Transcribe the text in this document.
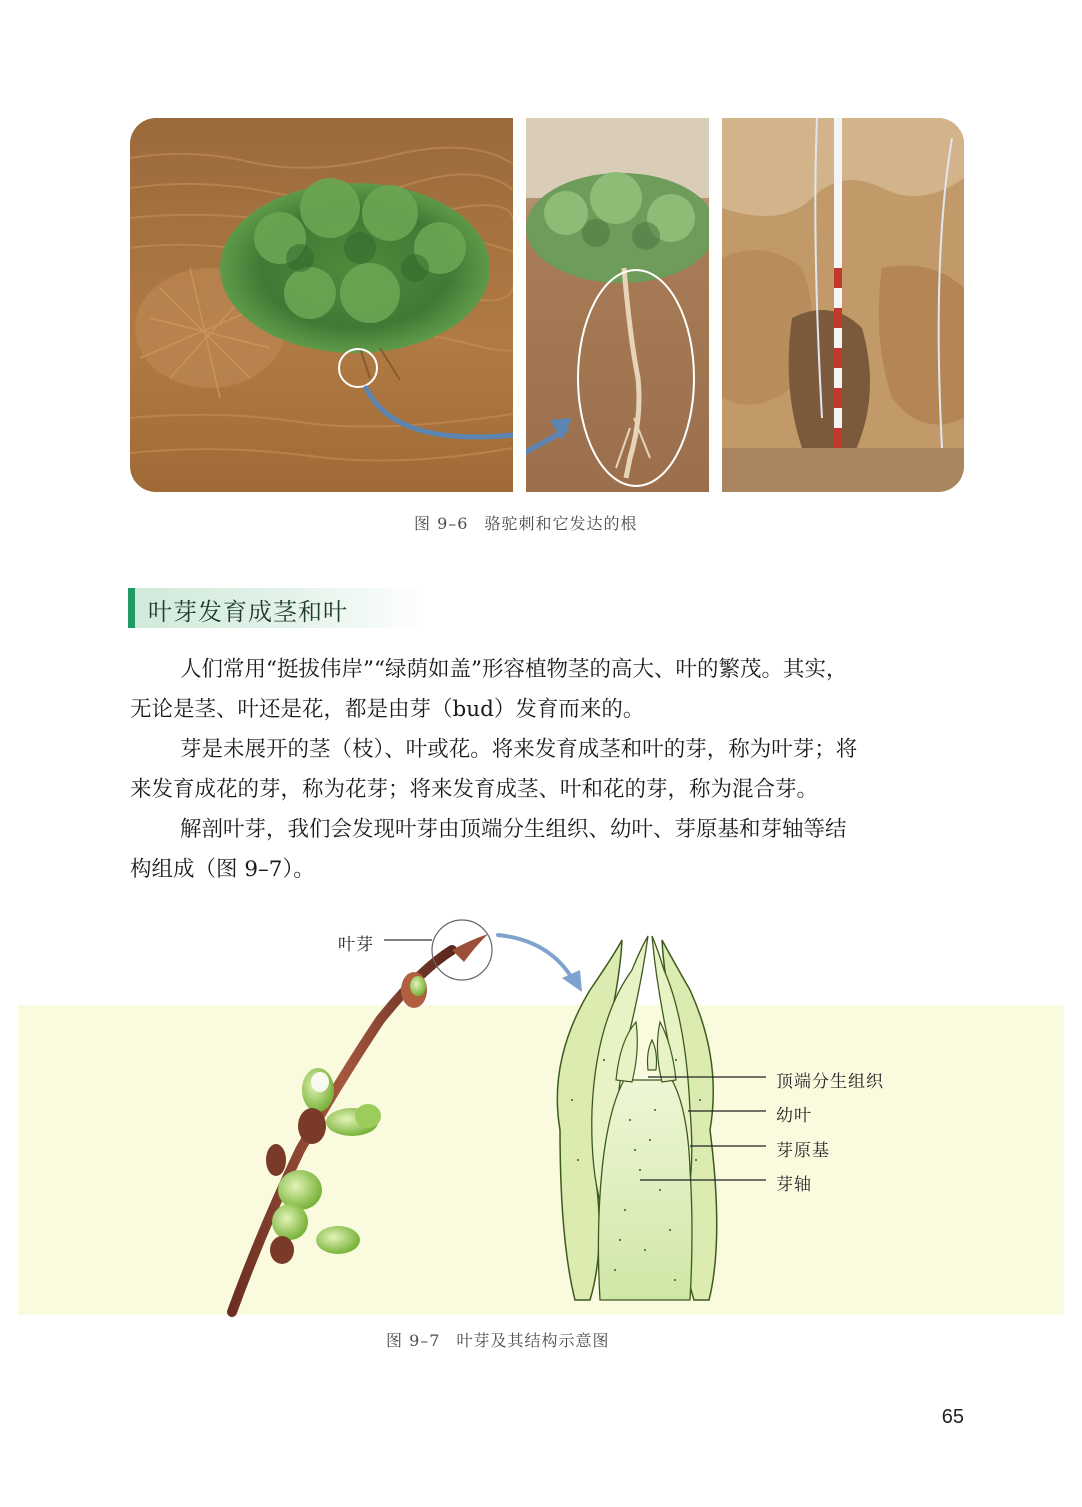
图 9–6 骆驼刺和它发达的根
叶芽发育成茎和叶
人们常用“挺拔伟岸”“绿荫如盖”形容植物茎的高大、叶的繁茂。其实，
无论是茎、叶还是花，都是由芽（bud）发育而来的。
芽是未展开的茎（枝）、叶或花。将来发育成茎和叶的芽，称为叶芽；将
来发育成花的芽，称为花芽；将来发育成茎、叶和花的芽，称为混合芽。
解剖叶芽，我们会发现叶芽由顶端分生组织、幼叶、芽原基和芽轴等结
构组成（图 9–7）。
叶芽
顶端分生组织
幼叶
芽原基
芽轴
图 9–7 叶芽及其结构示意图
65
